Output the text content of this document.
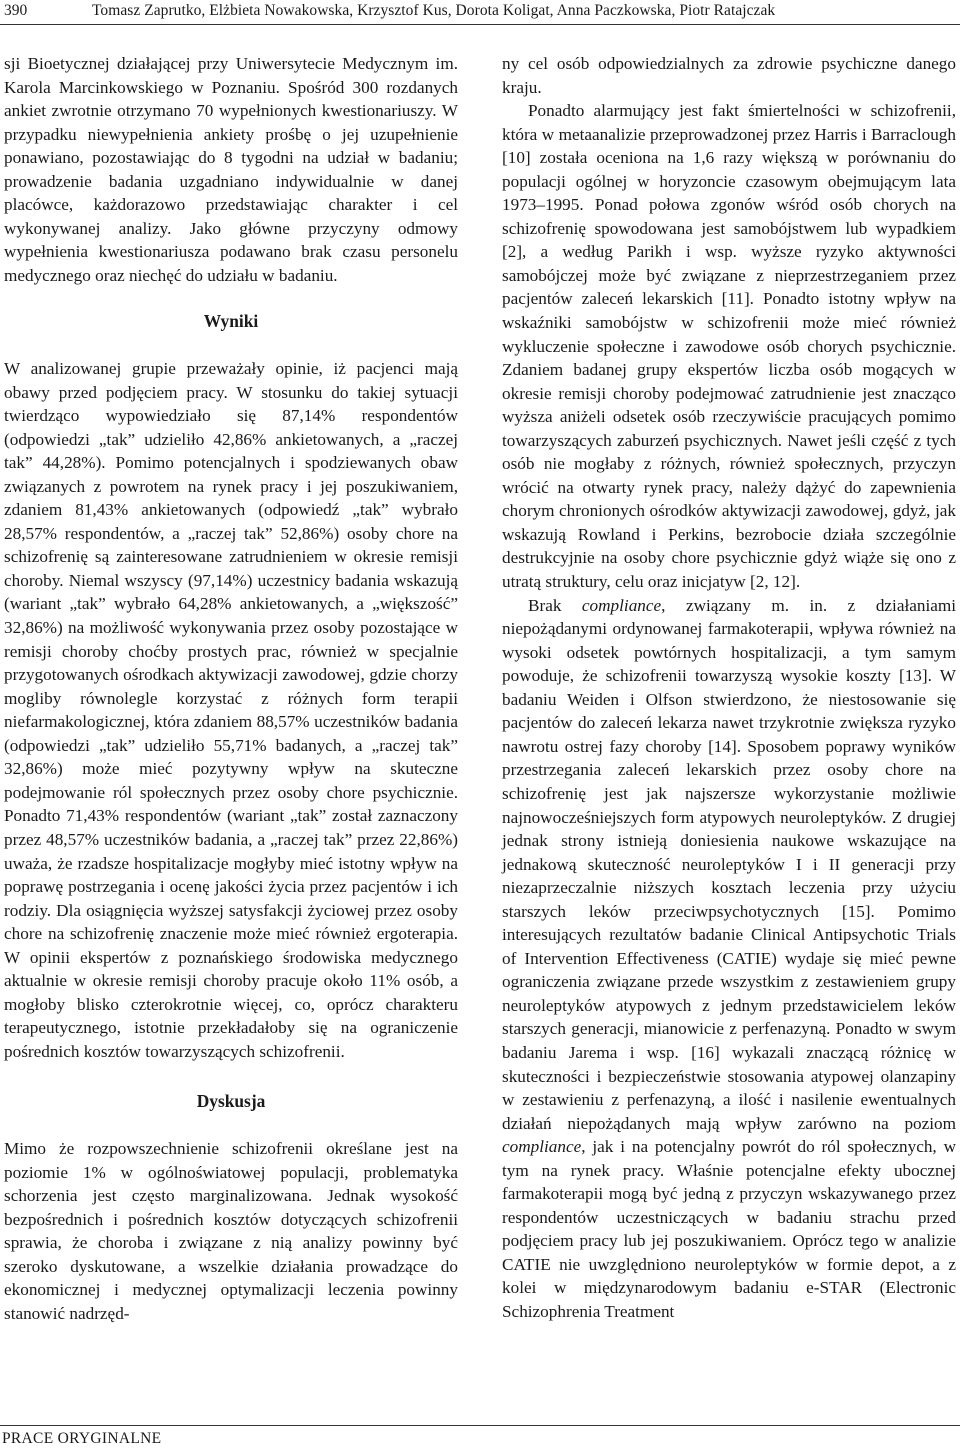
390	Tomasz Zaprutko, Elżbieta Nowakowska, Krzysztof Kus, Dorota Koligat, Anna Paczkowska, Piotr Ratajczak

sji Bioetycznej działającej przy Uniwersytecie Medycznym im. Karola Marcinkowskiego w Poznaniu. Spośród 300 rozdanych ankiet zwrotnie otrzymano 70 wypełnionych kwestionariuszy. W przypadku niewypełnienia ankiety prośbę o jej uzupełnienie ponawiano, pozostawiając do 8 tygodni na udział w badaniu; prowadzenie badania uzgadniano indywidualnie w danej placówce, każdorazowo przedstawiając charakter i cel wykonywanej analizy. Jako główne przyczyny odmowy wypełnienia kwestionariusza podawano brak czasu personelu medycznego oraz niechęć do udziału w badaniu.

Wyniki

W analizowanej grupie przeważały opinie, iż pacjenci mają obawy przed podjęciem pracy. W stosunku do takiej sytuacji twierdząco wypowiedziało się 87,14% respondentów (odpowiedzi „tak” udzieliło 42,86% ankietowanych, a „raczej tak” 44,28%). Pomimo potencjalnych i spodziewanych obaw związanych z powrotem na rynek pracy i jej poszukiwaniem, zdaniem 81,43% ankietowanych (odpowiedź „tak” wybrało 28,57% respondentów, a „raczej tak” 52,86%) osoby chore na schizofrenię są zainteresowane zatrudnieniem w okresie remisji choroby. Niemal wszyscy (97,14%) uczestnicy badania wskazują (wariant „tak” wybrało 64,28% ankietowanych, a „większość” 32,86%) na możliwość wykonywania przez osoby pozostające w remisji choroby choćby prostych prac, również w specjalnie przygotowanych ośrodkach aktywizacji zawodowej, gdzie chorzy mogliby równolegle korzystać z różnych form terapii niefarmakologicznej, która zdaniem 88,57% uczestników badania (odpowiedzi „tak” udzieliło 55,71% badanych, a „raczej tak” 32,86%) może mieć pozytywny wpływ na skuteczne podejmowanie ról społecznych przez osoby chore psychicznie. Ponadto 71,43% respondentów (wariant „tak” został zaznaczony przez 48,57% uczestników badania, a „raczej tak” przez 22,86%) uważa, że rzadsze hospitalizacje mogłyby mieć istotny wpływ na poprawę postrzegania i ocenę jakości życia przez pacjentów i ich rodziy. Dla osiągnięcia wyższej satysfakcji życiowej przez osoby chore na schizofrenię znaczenie może mieć również ergoterapia. W opinii ekspertów z poznańskiego środowiska medycznego aktualnie w okresie remisji choroby pracuje około 11% osób, a mogłoby blisko czterokrotnie więcej, co, oprócz charakteru terapeutycznego, istotnie przekładałoby się na ograniczenie pośrednich kosztów towarzyszących schizofrenii.

Dyskusja

Mimo że rozpowszechnienie schizofrenii określane jest na poziomie 1% w ogólnoświatowej populacji, problematyka schorzenia jest często marginalizowana. Jednak wysokość bezpośrednich i pośrednich kosztów dotyczących schizofrenii sprawia, że choroba i związane z nią analizy powinny być szeroko dyskutowane, a wszelkie działania prowadzące do ekonomicznej i medycznej optymalizacji leczenia powinny stanowić nadrzęd-

ny cel osób odpowiedzialnych za zdrowie psychiczne danego kraju.

Ponadto alarmujący jest fakt śmiertelności w schizofrenii, która w metaanalizie przeprowadzonej przez Harris i Barraclough [10] została oceniona na 1,6 razy większą w porównaniu do populacji ogólnej w horyzoncie czasowym obejmującym lata 1973–1995. Ponad połowa zgonów wśród osób chorych na schizofrenię spowodowana jest samobójstwem lub wypadkiem [2], a według Parikh i wsp. wyższe ryzyko aktywności samobójczej może być związane z nieprzestrzeganiem przez pacjentów zaleceń lekarskich [11]. Ponadto istotny wpływ na wskaźniki samobójstw w schizofrenii może mieć również wykluczenie społeczne i zawodowe osób chorych psychicznie. Zdaniem badanej grupy ekspertów liczba osób mogących w okresie remisji choroby podejmować zatrudnienie jest znacząco wyższa aniżeli odsetek osób rzeczywiście pracujących pomimo towarzyszących zaburzeń psychicznych. Nawet jeśli część z tych osób nie mogłaby z różnych, również społecznych, przyczyn wrócić na otwarty rynek pracy, należy dążyć do zapewnienia chorym chronionych ośrodków aktywizacji zawodowej, gdyż, jak wskazują Rowland i Perkins, bezrobocie działa szczególnie destrukcyjnie na osoby chore psychicznie gdyż wiąże się ono z utratą struktury, celu oraz inicjatyw [2, 12].

Brak compliance, związany m. in. z działaniami niepożądanymi ordynowanej farmakoterapii, wpływa również na wysoki odsetek powtórnych hospitalizacji, a tym samym powoduje, że schizofrenii towarzyszą wysokie koszty [13]. W badaniu Weiden i Olfson stwierdzono, że niestosowanie się pacjentów do zaleceń lekarza nawet trzykrotnie zwiększa ryzyko nawrotu ostrej fazy choroby [14]. Sposobem poprawy wyników przestrzegania zaleceń lekarskich przez osoby chore na schizofrenię jest jak najszersze wykorzystanie możliwie najnowocześniejszych form atypowych neuroleptyków. Z drugiej jednak strony istnieją doniesienia naukowe wskazujące na jednakową skuteczność neuroleptyków I i II generacji przy niezaprzeczalnie niższych kosztach leczenia przy użyciu starszych leków przeciwpsychotycznych [15]. Pomimo interesujących rezultatów badanie Clinical Antipsychotic Trials of Intervention Effectiveness (CATIE) wydaje się mieć pewne ograniczenia związane przede wszystkim z zestawieniem grupy neuroleptyków atypowych z jednym przedstawicielem leków starszych generacji, mianowicie z perfenazyną. Ponadto w swym badaniu Jarema i wsp. [16] wykazali znaczącą różnicę w skuteczności i bezpieczeństwie stosowania atypowej olanzapiny w zestawieniu z perfenazyną, a ilość i nasilenie ewentualnych działań niepożądanych mają wpływ zarówno na poziom compliance, jak i na potencjalny powrót do ról społecznych, w tym na rynek pracy. Właśnie potencjalne efekty ubocznej farmakoterapii mogą być jedną z przyczyn wskazywanego przez respondentów uczestniczących w badaniu strachu przed podjęciem pracy lub jej poszukiwaniem. Oprócz tego w analizie CATIE nie uwzględniono neuroleptyków w formie depot, a z kolei w międzynarodowym badaniu e-STAR (Electronic Schizophrenia Treatment

PRACE ORYGINALNE
